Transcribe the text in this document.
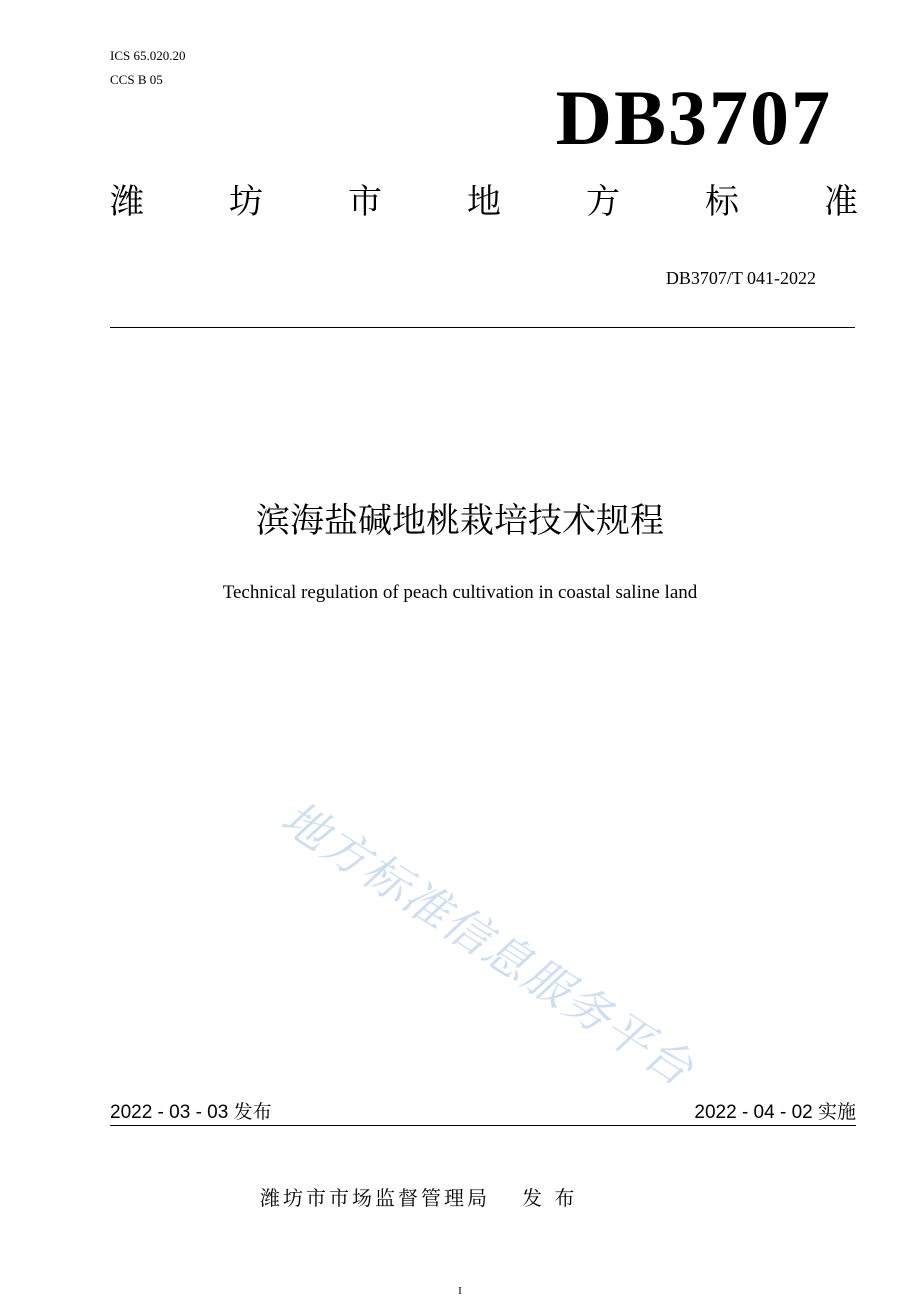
ICS 65.020.20
CCS B 05	DB3707
潍	坊	市	地	方	标	准
DB3707/T 041-2022
滨海盐碱地桃栽培技术规程
Technical regulation of peach cultivation in coastal saline land
地方标准信息服务平台
2022 - 03 - 03 发布	2022 - 04 - 02 实施
潍坊市市场监督管理局 发 布
I
